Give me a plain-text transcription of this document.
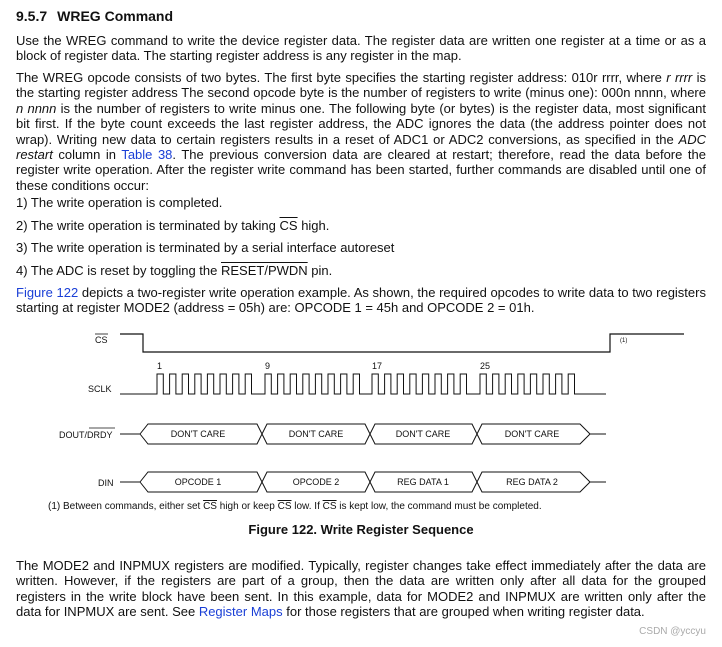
9.5.7 WREG Command

Use the WREG command to write the device register data. The register data are written one register at a time or as a block of register data. The starting register address is any register in the map.

The WREG opcode consists of two bytes. The first byte specifies the starting register address: 010r rrrr, where r rrrr is the starting register address The second opcode byte is the number of registers to write (minus one): 000n nnnn, where n nnnn is the number of registers to write minus one. The following byte (or bytes) is the register data, most significant bit first. If the byte count exceeds the last register address, the ADC ignores the data (the address pointer does not wrap). Writing new data to certain registers results in a reset of ADC1 or ADC2 conversions, as specified in the ADC restart column in Table 38. The previous conversion data are cleared at restart; therefore, read the data before the register write operation. After the register write command has been started, further commands are disabled until one of these conditions occur:

1) The write operation is completed.
2) The write operation is terminated by taking $\overline{CS}$ high.
3) The write operation is terminated by a serial interface autoreset
4) The ADC is reset by toggling the RESET/PWDN pin.

Figure 122 depicts a two-register write operation example. As shown, the required opcodes to write data to two registers starting at register MODE2 (address = 05h) are: OPCODE 1 = 45h and OPCODE 2 = 01h.

CS	(1)
1	9	17	25
SCLK
DOUT/DRDY	DON'T CARE	DON'T CARE	DON'T CARE	DON'T CARE
DIN	OPCODE 1	OPCODE 2	REG DATA 1	REG DATA 2
(1) Between commands, either set $\overline{CS}$ high or keep $\overline{CS}$ low. If $\overline{CS}$ is kept low, the command must be completed.
Figure 122. Write Register Sequence

The MODE2 and INPMUX registers are modified. Typically, register changes take effect immediately after the data are written. However, if the registers are part of a group, then the data are written only after all data for the grouped registers in the write block have been sent. In this example, data for MODE2 and INPMUX are written only after the data for INPMUX are sent. See Register Maps for those registers that are grouped when writing register data.

CSDN @yccyu
